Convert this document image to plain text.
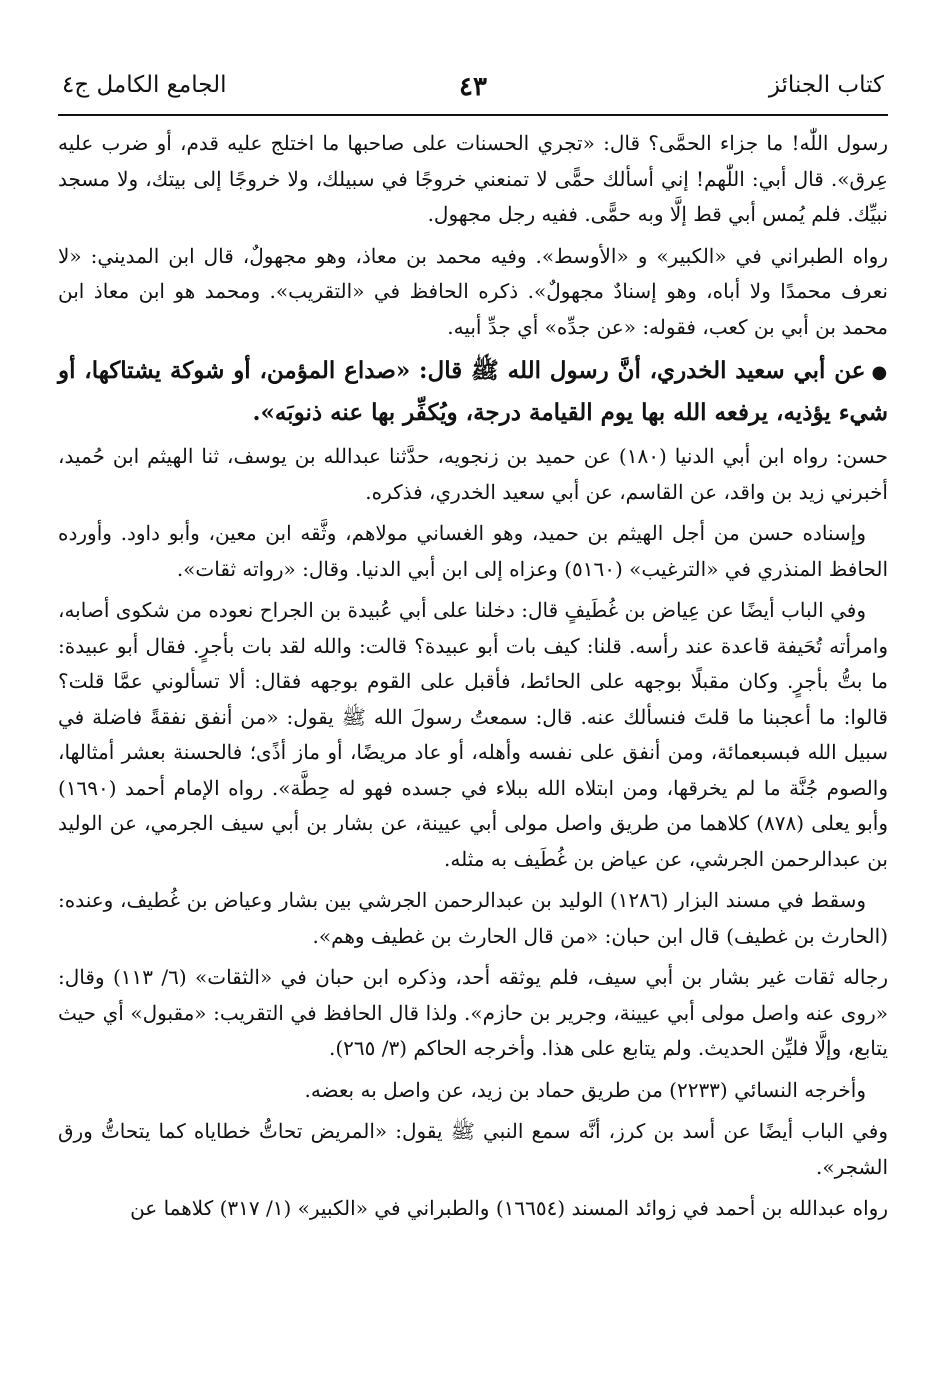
كتاب الجنائز
٤٣
الجامع الكامل ج٤

رسول اللّٰه! ما جزاء الحمَّى؟ قال: «تجري الحسنات على صاحبها ما اختلج عليه قدم، أو ضرب عليه عِرق». قال أبي: اللّٰهم! إني أسألك حمًّى لا تمنعني خروجًا في سبيلك، ولا خروجًا إلى بيتك، ولا مسجد نبيِّك. فلم يُمس أبي قط إلَّا وبه حمًّى. ففيه رجل مجهول.

رواه الطبراني في «الكبير» و «الأوسط». وفيه محمد بن معاذ، وهو مجهولٌ، قال ابن المديني: «لا نعرف محمدًا ولا أباه، وهو إسنادٌ مجهولٌ». ذكره الحافظ في «التقريب». ومحمد هو ابن معاذ ابن محمد بن أبي بن كعب، فقوله: «عن جدِّه» أي جدِّ أبيه.

●عن أبي سعيد الخدري، أنَّ رسول الله ﷺ قال: «صداع المؤمن، أو شوكة يشتاكها، أو شيء يؤذيه، يرفعه الله بها يوم القيامة درجة، ويُكفِّر بها عنه ذنوبَه».

حسن: رواه ابن أبي الدنيا (١٨٠) عن حميد بن زنجويه، حدَّثنا عبدالله بن يوسف، ثنا الهيثم ابن حُميد، أخبرني زيد بن واقد، عن القاسم، عن أبي سعيد الخدري، فذكره.

وإسناده حسن من أجل الهيثم بن حميد، وهو الغساني مولاهم، وثَّقه ابن معين، وأبو داود. وأورده الحافظ المنذري في «الترغيب» (٥١٦٠) وعزاه إلى ابن أبي الدنيا. وقال: «رواته ثقات».

وفي الباب أيضًا عن عِياض بن غُطَيفٍ قال: دخلنا على أبي عُبيدة بن الجراح نعوده من شكوى أصابه، وامرأته تُحَيفة قاعدة عند رأسه. قلنا: كيف بات أبو عبيدة؟ قالت: والله لقد بات بأجرٍ. فقال أبو عبيدة: ما بتُّ بأجرٍ. وكان مقبلًا بوجهه على الحائط، فأقبل على القوم بوجهه فقال: ألا تسألوني عمَّا قلت؟ قالوا: ما أعجبنا ما قلتَ فنسألك عنه. قال: سمعتُ رسولَ الله ﷺ يقول: «من أنفق نفقةً فاضلة في سبيل الله فبسبعمائة، ومن أنفق على نفسه وأهله، أو عاد مريضًا، أو ماز أذًى؛ فالحسنة بعشر أمثالها، والصوم جُنَّة ما لم يخرقها، ومن ابتلاه الله ببلاء في جسده فهو له حِطَّة». رواه الإمام أحمد (١٦٩٠) وأبو يعلى (٨٧٨) كلاهما من طريق واصل مولى أبي عيينة، عن بشار بن أبي سيف الجرمي، عن الوليد بن عبدالرحمن الجرشي، عن عياض بن غُطَيف به مثله.

وسقط في مسند البزار (١٢٨٦) الوليد بن عبدالرحمن الجرشي بين بشار وعياض بن غُطيف، وعنده: (الحارث بن غطيف) قال ابن حبان: «من قال الحارث بن غطيف وهم».

رجاله ثقات غير بشار بن أبي سيف، فلم يوثقه أحد، وذكره ابن حبان في «الثقات» (٦/ ١١٣) وقال: «روى عنه واصل مولى أبي عيينة، وجرير بن حازم». ولذا قال الحافظ في التقريب: «مقبول» أي حيث يتابع، وإلَّا فليِّن الحديث. ولم يتابع على هذا. وأخرجه الحاكم (٣/ ٢٦٥).

وأخرجه النسائي (٢٢٣٣) من طريق حماد بن زيد، عن واصل به بعضه.

وفي الباب أيضًا عن أسد بن كرز، أنَّه سمع النبي ﷺ يقول: «المريض تحاتُّ خطاياه كما يتحاتُّ ورق الشجر».

رواه عبدالله بن أحمد في زوائد المسند (١٦٦٥٤) والطبراني في «الكبير» (١/ ٣١٧) كلاهما عن
